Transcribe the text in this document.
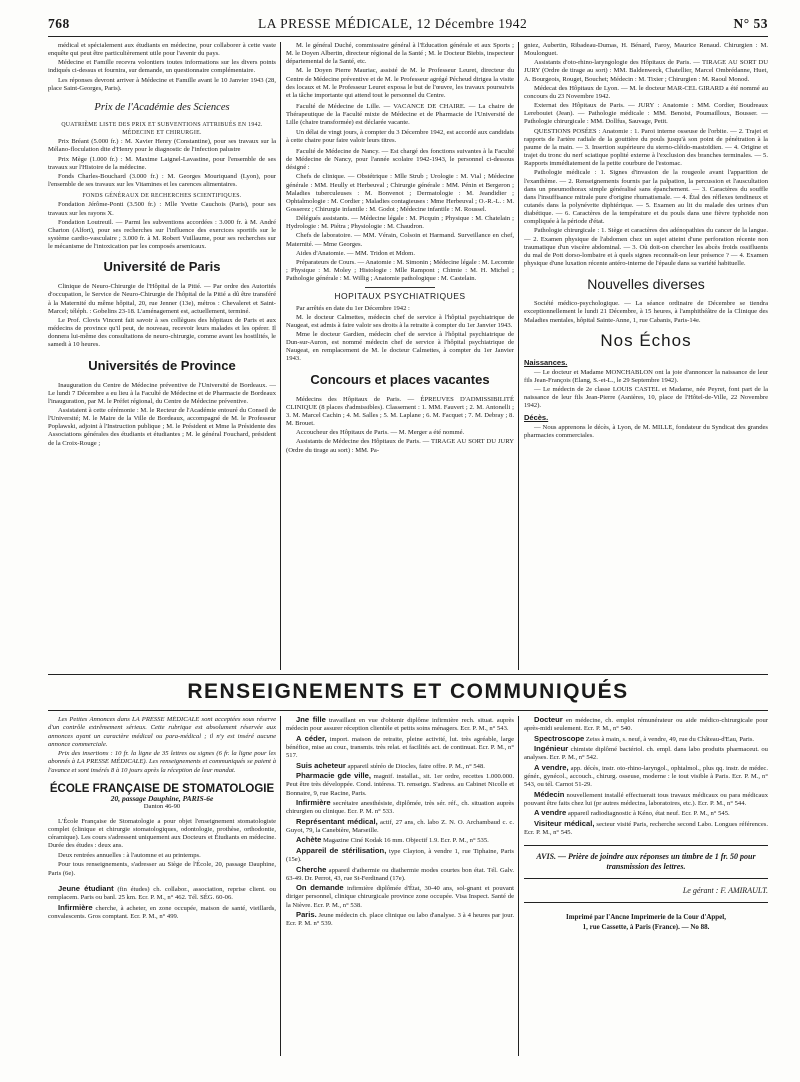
768	LA PRESSE MÉDICALE, 12 Décembre 1942	N° 53

médical et spécialement aux étudiants en médecine, pour collaborer à cette vaste enquête qui peut être particulièrement utile pour l'avenir du pays.

Médecine et Famille recevra volontiers toutes informations sur les divers points indiqués ci-dessus et fournira, sur demande, un questionnaire complémentaire.

Les réponses devront arriver à Médecine et Famille avant le 10 Janvier 1943 (28, place Saint-Georges, Paris).

Prix de l'Académie des Sciences

QUATRIÈME LISTE DES PRIX ET SUBVENTIONS ATTRIBUÉS EN 1942. MÉDECINE ET CHIRURGIE.

Prix Bréant (5.000 fr.) : M. Xavier Henry (Constantine), pour ses travaux sur la Mélano-floculation dite d'Henry pour le diagnostic de l'infection palustre

Prix Mège (1.000 fr.) : M. Maxime Laignel-Lavastine, pour l'ensemble de ses travaux sur l'Histoire de la médecine.

Fonds Charles-Bouchard (3.000 fr.) : M. Georges Mouriquand (Lyon), pour l'ensemble de ses travaux sur les Vitamines et les carences alimentaires.

FONDS GÉNÉRAUX DE RECHERCHES SCIENTIFIQUES.

Fondation Jérôme-Ponti (3.500 fr.) : Mlle Yvette Cauchois (Paris), pour ses travaux sur les rayons X.

Fondation Loutreuil. — Parmi les subventions accordées : 3.000 fr. à M. André Charton (Alfort), pour ses recherches sur l'influence des exercices sportifs sur le système cardio-vasculaire ; 3.000 fr. à M. Robert Vuillaume, pour ses recherches sur le mécanisme de l'intoxication par les composés arsenicaux.

Université de Paris

Clinique de Neuro-Chirurgie de l'Hôpital de la Pitié. — Par ordre des Autorités d'occupation, le Service de Neuro-Chirurgie de l'hôpital de la Pitié a dû être transféré à la Maternité du même hôpital, 20, rue Jenner (13e), métros : Chevaleret et Saint-Marcel; téléph. : Gobelins 23-18. L'aménagement est, actuellement, terminé.

Le Prof. Clovis Vincent fait savoir à ses collègues des hôpitaux de Paris et aux médecins de province qu'il peut, de nouveau, recevoir leurs malades et les opérer. Il donnera lui-même des consultations de neuro-chirurgie, comme avant les hostilités, le samedi à 10 heures.

Universités de Province

Inauguration du Centre de Médecine préventive de l'Université de Bordeaux. — Le lundi 7 Décembre a eu lieu à la Faculté de Médecine et de Pharmacie de Bordeaux l'inauguration, par M. le Préfet régional, du Centre de Médecine préventive.

Assistaient à cette cérémonie : M. le Recteur de l'Académie entouré du Conseil de l'Université; M. le Maire de la Ville de Bordeaux, accompagné de M. le Professeur Poplawski, adjoint à l'Instruction publique ; M. le Président et Mme la Présidente des Associations générales des étudiants et étudiantes ; M. le général Fouchard, président de la Croix-Rouge ;

M. le général Duché, commissaire général à l'Éducation générale et aux Sports ; M. le Doyen Albertin, directeur régional de la Santé ; M. le Docteur Biebis, inspecteur départemental de la Santé, etc.

M. le Doyen Pierre Mauriac, assisté de M. le Professeur Leuret, directeur du Centre de Médecine préventive et de M. le Professeur agrégé Pécheud dirigea la visite des locaux et M. le Professeur Leuret exposa le but de l'œuvre, les travaux poursuivis et la tâche importante qui attend tout le personnel du Centre.

Faculté de Médecine de Lille. — VACANCE DE CHAIRE. — La chaire de Thérapeutique de la Faculté mixte de Médecine et de Pharmacie de l'Université de Lille (chaire transformée) est déclarée vacante.

Un délai de vingt jours, à compter du 3 Décembre 1942, est accordé aux candidats à cette chaire pour faire valoir leurs titres.

Faculté de Médecine de Nancy. — Est chargé des fonctions suivantes à la Faculté de Médecine de Nancy, pour l'année scolaire 1942-1943, le personnel ci-dessous désigné :

Chefs de clinique. — Obstétrique : Mlle Strub ; Urologie : M. Vial ; Médecine générale : MM. Heully et Herbeuval ; Chirurgie générale : MM. Pénin et Bergeron ; Maladies tuberculeuses : M. Bonvenot ; Dermatologie : M. Jeandidier ; Ophtalmologie : M. Cordier ; Maladies contagieuses : Mme Herbeuval ; O.-R.-L. : M. Gosserez ; Chirurgie infantile : M. Godot ; Médecine infantile : M. Roussel.

Délégués assistants. — Médecine légale : M. Picquin ; Physique : M. Chatelain ; Hydrologie : M. Piétra ; Physiologie : M. Chaudron.

Chefs de laboratoire. — MM. Vérain, Colsoin et Harmand. Surveillance en chef, Maternité. — Mme Georges.

Aides d'Anatomie. — MM. Tridon et Mdom.

Préparateurs de Cours. — Anatomie : M. Simonin ; Médecine légale : M. Lecomte ; Physique : M. Moley ; Histologie : Mlle Rampont ; Chimie : M. H. Michel ; Pathologie générale : M. Willig ; Anatomie pathologique : M. Castelain.

HOPITAUX PSYCHIATRIQUES

Par arrêtés en date du 1er Décembre 1942 :

M. le docteur Calmettes, médecin chef de service à l'hôpital psychiatrique de Naugeat, est admis à faire valoir ses droits à la retraite à compter du 1er Janvier 1943.

Mme le docteur Gardien, médecin chef de service à l'hôpital psychiatrique de Dun-sur-Auron, est nommé médecin chef de service à l'hôpital psychiatrique de Naugeat, en remplacement de M. le docteur Calmettes, à compter du 1er Janvier 1943.

Concours et places vacantes

Médecins des Hôpitaux de Paris. — ÉPREUVES D'ADMISSIBILITÉ CLINIQUE (8 places d'admissibles). Classement : 1. MM. Fauvert ; 2. M. Antonelli ; 3. M. Marcel Cachin ; 4. M. Salles ; 5. M. Laplane ; 6. M. Facquet ; 7. M. Debray ; 8. M. Brouet.

Accoucheur des Hôpitaux de Paris. — M. Merger a été nommé.

Assistants de Médecine des Hôpitaux de Paris. — TIRAGE AU SORT DU JURY (Ordre du tirage au sort) : MM. Pa-

gniez, Aubertin, Ribadeau-Dumas, H. Bénard, Faroy, Maurice Renaud. Chirurgien : M. Moulonguet.

Assistants d'oto-rhino-laryngologie des Hôpitaux de Paris. — TIRAGE AU SORT DU JURY (Ordre de tirage au sort) : MM. Baldenweck, Chatellier, Marcel Ombrédanne, Huet, A. Bourgeois, Rouget, Bouchet; Médecin : M. Tixier ; Chirurgien : M. Raoul Monod.

Médecat des Hôpitaux de Lyon. — M. le docteur MAR-CEL GIRARD a été nommé au concours du 23 Novembre 1942.

Externat des Hôpitaux de Paris. — JURY : Anatomie : MM. Cordier, Boudreaux Lerebouiet (Jean). — Pathologie médicale : MM. Benoist, Poumailloux, Bousser. — Pathologie chirurgicale : MM. Dollfus, Sauvage, Petit.

QUESTIONS POSÉES : Anatomie : 1. Paroi interne osseuse de l'orbite. — 2. Trajet et rapports de l'artère radiale de la gouttière du pouls jusqu'à son point de pénétration à la paume de la main. — 3. Insertion supérieure du sterno-cléido-mastoïdien. — 4. Origine et trajet du tronc du nerf sciatique poplité externe à l'exclusion des branches terminales. — 5. Rapports immédiatement de la petite courbure de l'estomac.

Pathologie médicale : 1. Signes d'invasion de la rougeole avant l'apparition de l'exanthème. — 2. Renseignements fournis par la palpation, la percussion et l'auscultation dans un pneumothorax simple généralisé sans épanchement. — 3. Caractères du souffle dans l'insuffisance mitrale pure d'origine rhumatismale. — 4. Étal des réflexes tendineux et cutanés dans la polynévrite diphtérique. — 5. Examen au lit du malade des urines d'un diabétique. — 6. Caractères de la température et du pouls dans une fièvre typhoïde non compliquée à la période d'état.

Pathologie chirurgicale : 1. Siège et caractères des adénopathies du cancer de la langue. — 2. Examen physique de l'abdomen chez un sujet atteint d'une perforation récente non traumatique d'un viscère abdominal. — 3. Où doit-on chercher les abcès froids ossifluents du mal de Pott dorso-lombaire et à quels signes reconnaît-on leur présence ? — 4. Examen physique d'une luxation récente antéro-interne de l'épaule dans sa variété habituelle.

Nouvelles diverses

Société médico-psychologique. — La séance ordinaire de Décembre se tiendra exceptionnellement le lundi 21 Décembre, à 15 heures, à l'amphithéâtre de la Clinique des Maladies mentales, hôpital Sainte-Anne, 1, rue Cabanis, Paris-14e.

Nos Échos
Naissances.

— Le docteur et Madame MONCHABLON ont la joie d'annoncer la naissance de leur fils Jean-François (Elang, S.-et-L., le 29 Septembre 1942).

— Le médecin de 2e classe LOUIS CASTEL et Madame, née Peyret, font part de la naissance de leur fils Jean-Pierre (Asnières, 10, place de l'Hôtel-de-Ville, 22 Novembre 1942).

Décès.

— Nous apprenons le décès, à Lyon, de M. MILLE, fondateur du Syndicat des grandes pharmacies commerciales.

RENSEIGNEMENTS ET COMMUNIQUÉS

Les Petites Annonces dans LA PRESSE MÉDICALE sont acceptées sous réserve d'un contrôle extrêmement sérieux. Cette rubrique est absolument réservée aux annonces ayant un caractère médical ou para-médical ; il n'y est inséré aucune annonce commerciale.

Prix des insertions : 10 fr. la ligne de 35 lettres ou signes (6 fr. la ligne pour les abonnés à LA PRESSE MÉDICALE). Les renseignements et communiqués se paient à l'avance et sont insérés 8 à 10 jours après la réception de leur mandat.

ÉCOLE FRANÇAISE DE STOMATOLOGIE
20, passage Dauphine, PARIS-6e
Danton 46-90

L'École Française de Stomatologie a pour objet l'enseignement stomatologiste complet (clinique et chirurgie stomatologiques, odontologie, prothèse, orthodontie, céramique). Les cours s'adressent uniquement aux Docteurs et Étudiants en médecine. Durée des études : deux ans.

Deux rentrées annuelles : à l'automne et au printemps.

Pour tous renseignements, s'adresser au Siège de l'École, 20, passage Dauphine, Paris (6e).

Jeune étudiant (fin études) ch. collabor., association, reprise client. ou remplacem. Paris ou banl. 25 km. Ecr. P. M., n° 462. Tél. SÉG. 60-06.

Infirmière cherche, à acheter, en zone occupée, maison de santé, vieillards, convalescents. Gros comptant. Ecr. P. M., n° 499.

Jne fille travaillant en vue d'obtenir diplôme infirmière rech. situat. auprès médecin pour assurer réception clientèle et petits soins ménagers. Ecr. P. M., n° 543.

A céder, import. maison de retraite, pleine activité, lut. très agréable, large bénéfice, mise au cour., transmis. très relat. et facilités act. de continuat. Ecr. P. M., n° 517.

Suis acheteur appareil stéréo de Diocles, faire offre. P. M., n° 548.

Pharmacie gde ville, magnif. installat., sit. 1er ordre, recettes 1.000.000. Peut être très développée. Cond. intéress. Tt. renseign. S'adress. au Cabinet Nicolle et Bonnaire, 9, rue Racine, Paris.

Infirmière secrétaire anesthésiste, diplômée, très sér. réf., ch. situation auprès chirurgien ou clinique. Ecr. P. M. n° 533.

Représentant médical, actif, 27 ans, ch. labo Z. N. O. Archambaud c. c. Guyot, 79, la Canebière, Marseille.

Achète Magazine Ciné Kodak 16 mm. Objectif 1.9. Ecr. P. M., n° 535.

Appareil de stérilisation, type Clayton, à vendre 1, rue Tiphaine, Paris (15e).

Cherche appareil d'athermie ou diathermie modes courtes bon état. Tél. Galv. 63-49. Dr. Perrot, 43, rue St-Ferdinand (17e).

On demande infirmière diplômée d'État, 30-40 ans, sol-gnant et pouvant diriger personnel, clinique chirurgicale province zone occupée. Visa Inspect. Santé de la Nièvre. Ecr. P. M., n° 538.

Paris. Jeune médecin ch. place clinique ou labo d'analyse. 3 à 4 heures par jour. Ecr. P. M. n° 539.

Docteur en médecine, ch. emploi rémunérateur ou aide médico-chirurgicale pour après-midi seulement. Ecr. P. M., n° 540.

Spectroscope Zeiss à main, s. neuf, à vendre, 49, rue du Château-d'Eau, Paris.

Ingénieur chimiste diplômé bactériol. ch. empl. dans labo produits pharmaceut. ou analyses. Ecr. P. M., n° 542.

A vendre, app. décès, instr. oto-rhino-laryngol., ophtalmol., plus qq. instr. de médec. génér., gynécol., accouch., chirurg. osseuse, moderne : le tout visible à Paris. Ecr. P. M., n° 543, ou tél. Carnot 51-29.

Médecin nouvellement installé effectuerait tous travaux médicaux ou para médicaux pouvant être faits chez lui (pr autres médecins, laboratoires, etc.). Ecr. P. M., n° 544.

A vendre appareil radiodiagnostic à Kéno, état neuf. Ecr. P. M., n° 545.

Visiteur médical, secteur visité Paris, recherche second Labo. Longues références. Ecr. P. M., n° 545.

AVIS. — Prière de joindre aux réponses un timbre de 1 fr. 50 pour transmission des lettres.

Le gérant : F. AMIRAULT.

Imprimé par l'Ancne Imprimerie de la Cour d'Appel,

1, rue Cassette, à Paris (France). — No 88.
